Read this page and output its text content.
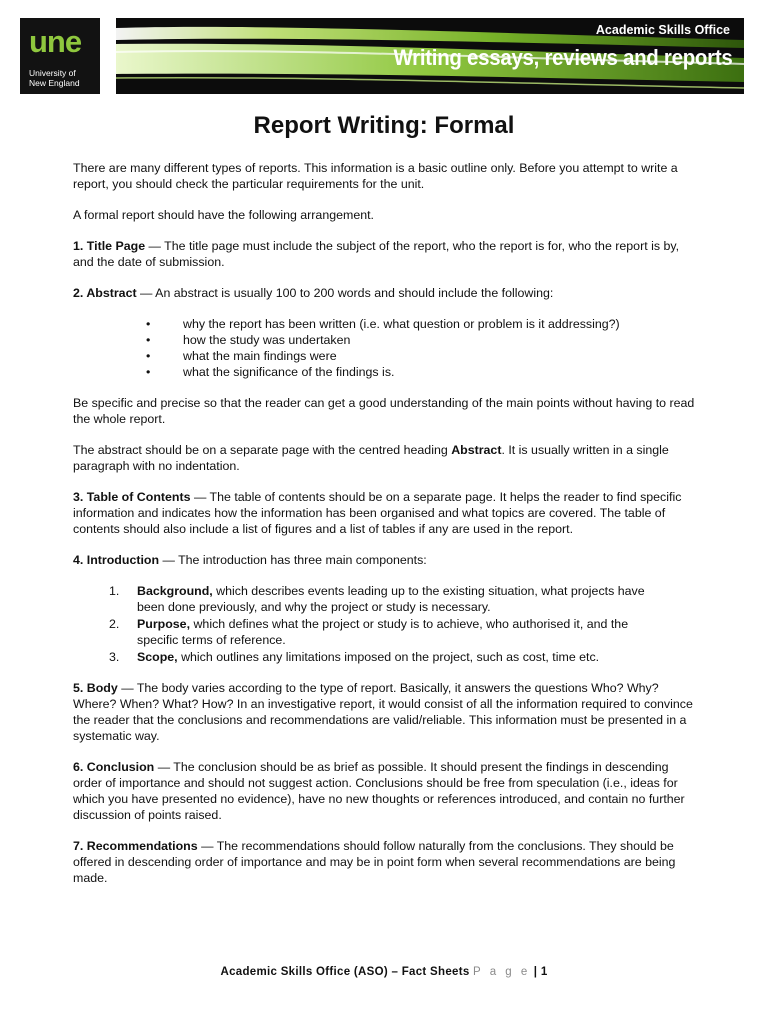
une
University of
New England
Academic Skills Office
Writing essays, reviews and reports
Report Writing: Formal

There are many different types of reports. This information is a basic outline only. Before you attempt to write a report, you should check the particular requirements for the unit.

A formal report should have the following arrangement.

1. Title Page — The title page must include the subject of the report, who the report is for, who the report is by, and the date of submission.

2. Abstract — An abstract is usually 100 to 200 words and should include the following:

•	why the report has been written (i.e. what question or problem is it addressing?)
•	how the study was undertaken
•	what the main findings were
•	what the significance of the findings is.

Be specific and precise so that the reader can get a good understanding of the main points without having to read the whole report.

The abstract should be on a separate page with the centred heading Abstract. It is usually written in a single paragraph with no indentation.

3. Table of Contents — The table of contents should be on a separate page. It helps the reader to find specific information and indicates how the information has been organised and what topics are covered. The table of contents should also include a list of figures and a list of tables if any are used in the report.

4. Introduction — The introduction has three main components:

1. Background, which describes events leading up to the existing situation, what projects have been done previously, and why the project or study is necessary.
2. Purpose, which defines what the project or study is to achieve, who authorised it, and the specific terms of reference.
3. Scope, which outlines any limitations imposed on the project, such as cost, time etc.

5. Body — The body varies according to the type of report. Basically, it answers the questions Who? Why? Where? When? What? How? In an investigative report, it would consist of all the information required to convince the reader that the conclusions and recommendations are valid/reliable. This information must be presented in a systematic way.

6. Conclusion — The conclusion should be as brief as possible. It should present the findings in descending order of importance and should not suggest action. Conclusions should be free from speculation (i.e., ideas for which you have presented no evidence), have no new thoughts or references introduced, and contain no further discussion of points raised.

7. Recommendations — The recommendations should follow naturally from the conclusions. They should be offered in descending order of importance and may be in point form when several recommendations are being made.

Academic Skills Office (ASO) – Fact Sheets P a g e | 1
